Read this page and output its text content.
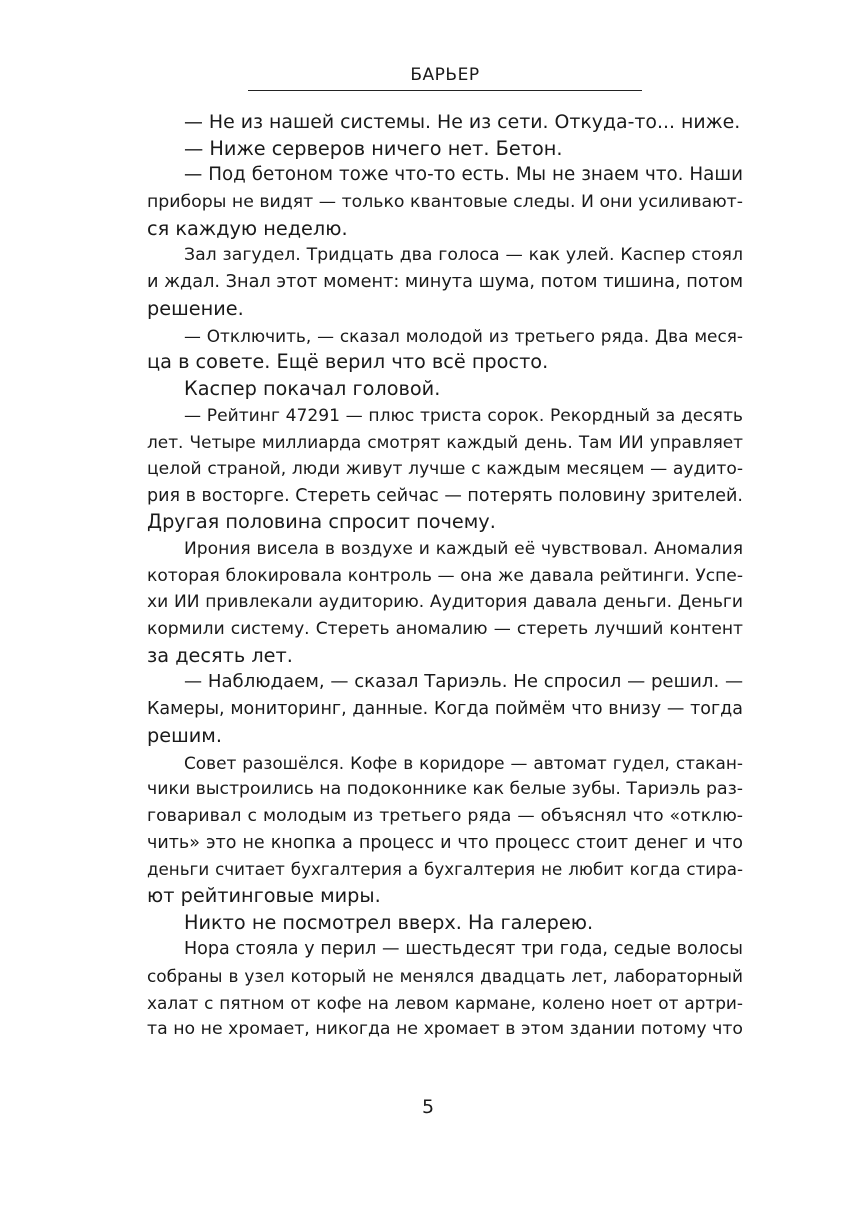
БАРЬЕР
— Не из нашей системы. Не из сети. Откуда-то... ниже.
— Ниже серверов ничего нет. Бетон.
— Под бетоном тоже что-то есть. Мы не знаем что. Наши
приборы не видят — только квантовые следы. И они усиливают-
ся каждую неделю.
Зал загудел. Тридцать два голоса — как улей. Каспер стоял
и ждал. Знал этот момент: минута шума, потом тишина, потом
решение.
— Отключить, — сказал молодой из третьего ряда. Два меся-
ца в совете. Ещё верил что всё просто.
Каспер покачал головой.
— Рейтинг 47291 — плюс триста сорок. Рекордный за десять
лет. Четыре миллиарда смотрят каждый день. Там ИИ управляет
целой страной, люди живут лучше с каждым месяцем — аудито-
рия в восторге. Стереть сейчас — потерять половину зрителей.
Другая половина спросит почему.
Ирония висела в воздухе и каждый её чувствовал. Аномалия
которая блокировала контроль — она же давала рейтинги. Успе-
хи ИИ привлекали аудиторию. Аудитория давала деньги. Деньги
кормили систему. Стереть аномалию — стереть лучший контент
за десять лет.
— Наблюдаем, — сказал Тариэль. Не спросил — решил. —
Камеры, мониторинг, данные. Когда поймём что внизу — тогда
решим.
Совет разошёлся. Кофе в коридоре — автомат гудел, стакан-
чики выстроились на подоконнике как белые зубы. Тариэль раз-
говаривал с молодым из третьего ряда — объяснял что «отклю-
чить» это не кнопка а процесс и что процесс стоит денег и что
деньги считает бухгалтерия а бухгалтерия не любит когда стира-
ют рейтинговые миры.
Никто не посмотрел вверх. На галерею.
Нора стояла у перил — шестьдесят три года, седые волосы
собраны в узел который не менялся двадцать лет, лабораторный
халат с пятном от кофе на левом кармане, колено ноет от артри-
та но не хромает, никогда не хромает в этом здании потому что
5
